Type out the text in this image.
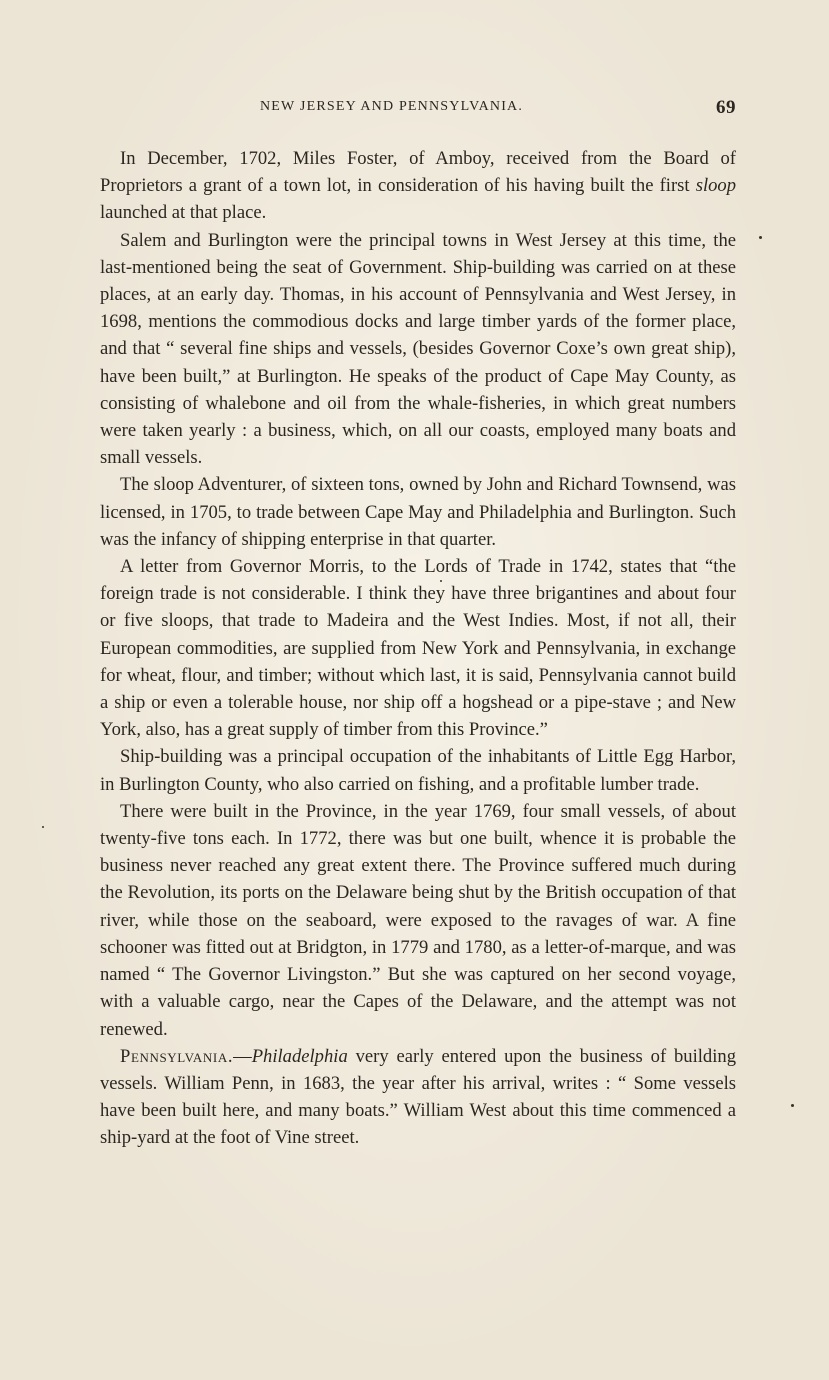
NEW JERSEY AND PENNSYLVANIA.	69

In December, 1702, Miles Foster, of Amboy, received from the Board of Proprietors a grant of a town lot, in consideration of his having built the first sloop launched at that place.

Salem and Burlington were the principal towns in West Jersey at this time, the last-mentioned being the seat of Government. Ship-building was carried on at these places, at an early day. Thomas, in his account of Pennsylvania and West Jersey, in 1698, mentions the commodious docks and large timber yards of the former place, and that “ several fine ships and vessels, (besides Governor Coxe’s own great ship), have been built,” at Burlington. He speaks of the product of Cape May County, as consisting of whalebone and oil from the whale-fisheries, in which great numbers were taken yearly : a business, which, on all our coasts, employed many boats and small vessels.

The sloop Adventurer, of sixteen tons, owned by John and Richard Townsend, was licensed, in 1705, to trade between Cape May and Philadelphia and Burlington. Such was the infancy of shipping enterprise in that quarter.

A letter from Governor Morris, to the Lords of Trade in 1742, states that “the foreign trade is not considerable. I think they have three brigantines and about four or five sloops, that trade to Madeira and the West Indies. Most, if not all, their European commodities, are supplied from New York and Pennsylvania, in exchange for wheat, flour, and timber; without which last, it is said, Pennsylvania cannot build a ship or even a tolerable house, nor ship off a hogshead or a pipe-stave ; and New York, also, has a great supply of timber from this Province.”

Ship-building was a principal occupation of the inhabitants of Little Egg Harbor, in Burlington County, who also carried on fishing, and a profitable lumber trade.

There were built in the Province, in the year 1769, four small vessels, of about twenty-five tons each. In 1772, there was but one built, whence it is probable the business never reached any great extent there. The Province suffered much during the Revolution, its ports on the Delaware being shut by the British occupation of that river, while those on the seaboard, were exposed to the ravages of war. A fine schooner was fitted out at Bridgton, in 1779 and 1780, as a letter-of-marque, and was named “ The Governor Livingston.” But she was captured on her second voyage, with a valuable cargo, near the Capes of the Delaware, and the attempt was not renewed.

Pennsylvania.—Philadelphia very early entered upon the business of building vessels. William Penn, in 1683, the year after his arrival, writes : “ Some vessels have been built here, and many boats.” William West about this time commenced a ship-yard at the foot of Vine street.
